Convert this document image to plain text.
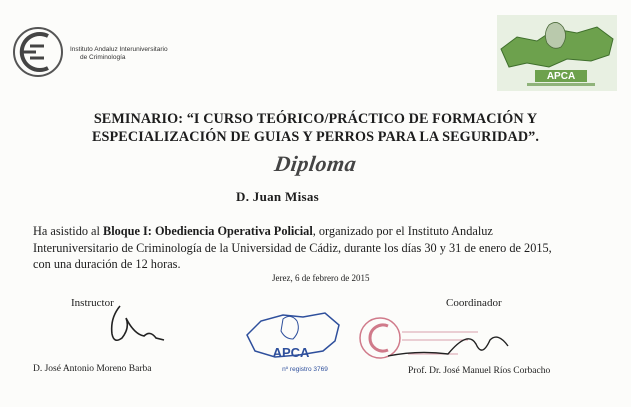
Instituto Andaluz Interuniversitario
de Criminología
APCA
SEMINARIO: “I CURSO TEÓRICO/PRÁCTICO DE FORMACIÓN Y
ESPECIALIZACIÓN DE GUIAS Y PERROS PARA LA SEGURIDAD”.
Diploma
D. Juan Misas
Ha asistido al Bloque I: Obediencia Operativa Policial, organizado por el Instituto Andaluz
Interuniversitario de Criminología de la Universidad de Cádiz, durante los días 30 y 31 de enero de 2015,
con una duración de 12 horas.
Jerez, 6 de febrero de 2015
Instructor	Coordinador
APCA
nº registro 3769
D. José Antonio Moreno Barba	Prof. Dr. José Manuel Ríos Corbacho
